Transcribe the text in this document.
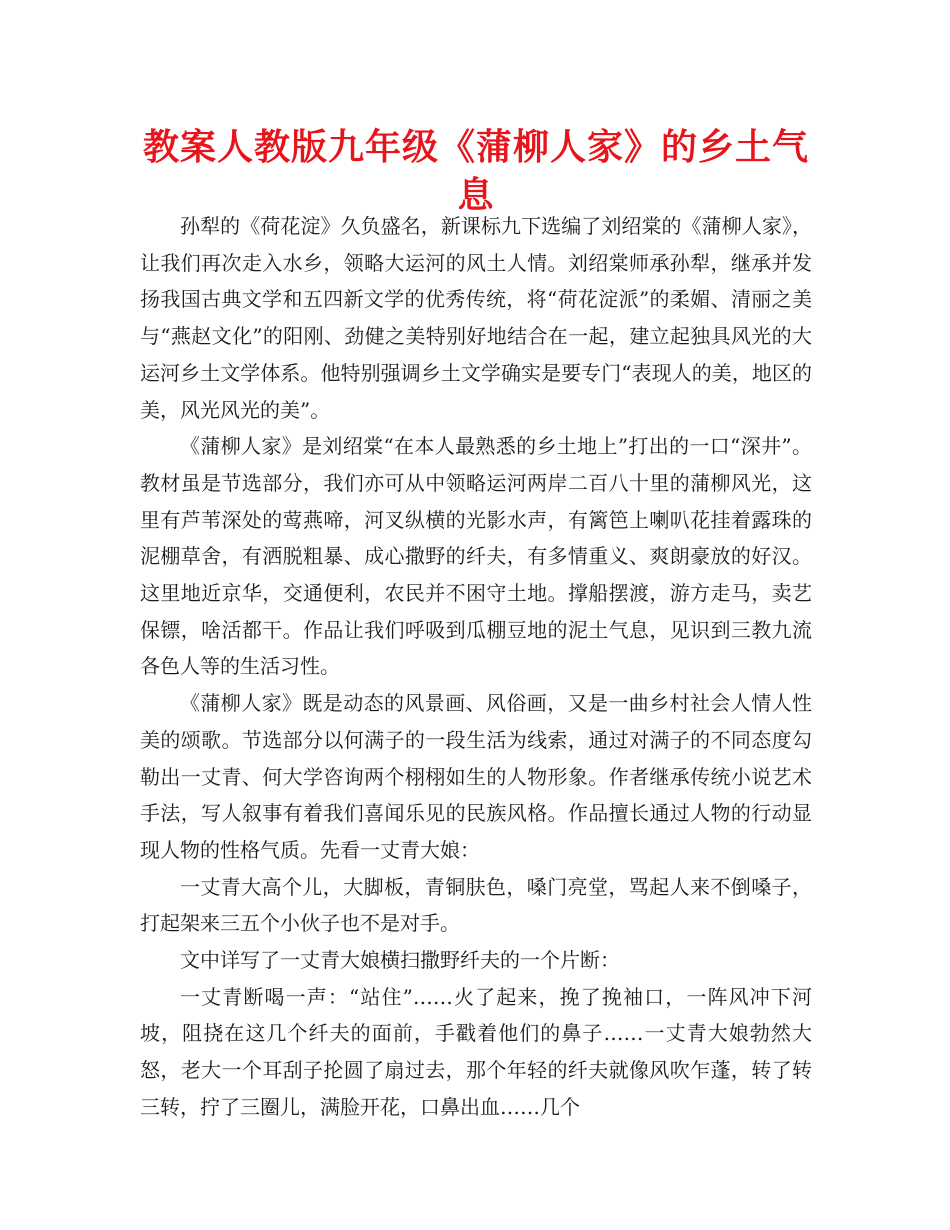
教案人教版九年级《蒲柳人家》的乡土气息

孙犁的《荷花淀》久负盛名，新课标九下选编了刘绍棠的《蒲柳人家》，让我们再次走入水乡，领略大运河的风土人情。刘绍棠师承孙犁，继承并发扬我国古典文学和五四新文学的优秀传统，将“荷花淀派”的柔媚、清丽之美与“燕赵文化”的阳刚、劲健之美特别好地结合在一起，建立起独具风光的大运河乡土文学体系。他特别强调乡土文学确实是要专门“表现人的美，地区的美，风光风光的美”。

《蒲柳人家》是刘绍棠“在本人最熟悉的乡土地上”打出的一口“深井”。教材虽是节选部分，我们亦可从中领略运河两岸二百八十里的蒲柳风光，这里有芦苇深处的莺燕啼，河叉纵横的光影水声，有篱笆上喇叭花挂着露珠的泥棚草舍，有洒脱粗暴、成心撒野的纤夫，有多情重义、爽朗豪放的好汉。这里地近京华，交通便利，农民并不困守土地。撑船摆渡，游方走马，卖艺保镖，啥活都干。作品让我们呼吸到瓜棚豆地的泥土气息，见识到三教九流各色人等的生活习性。

《蒲柳人家》既是动态的风景画、风俗画，又是一曲乡村社会人情人性美的颂歌。节选部分以何满子的一段生活为线索，通过对满子的不同态度勾勒出一丈青、何大学咨询两个栩栩如生的人物形象。作者继承传统小说艺术手法，写人叙事有着我们喜闻乐见的民族风格。作品擅长通过人物的行动显现人物的性格气质。先看一丈青大娘：

一丈青大高个儿，大脚板，青铜肤色，嗓门亮堂，骂起人来不倒嗓子，打起架来三五个小伙子也不是对手。

文中详写了一丈青大娘横扫撒野纤夫的一个片断：

一丈青断喝一声：“站住”……火了起来，挽了挽袖口，一阵风冲下河坡，阻挠在这几个纤夫的面前，手戳着他们的鼻子……一丈青大娘勃然大怒，老大一个耳刮子抡圆了扇过去，那个年轻的纤夫就像风吹乍蓬，转了转三转，拧了三圈儿，满脸开花，口鼻出血……几个
